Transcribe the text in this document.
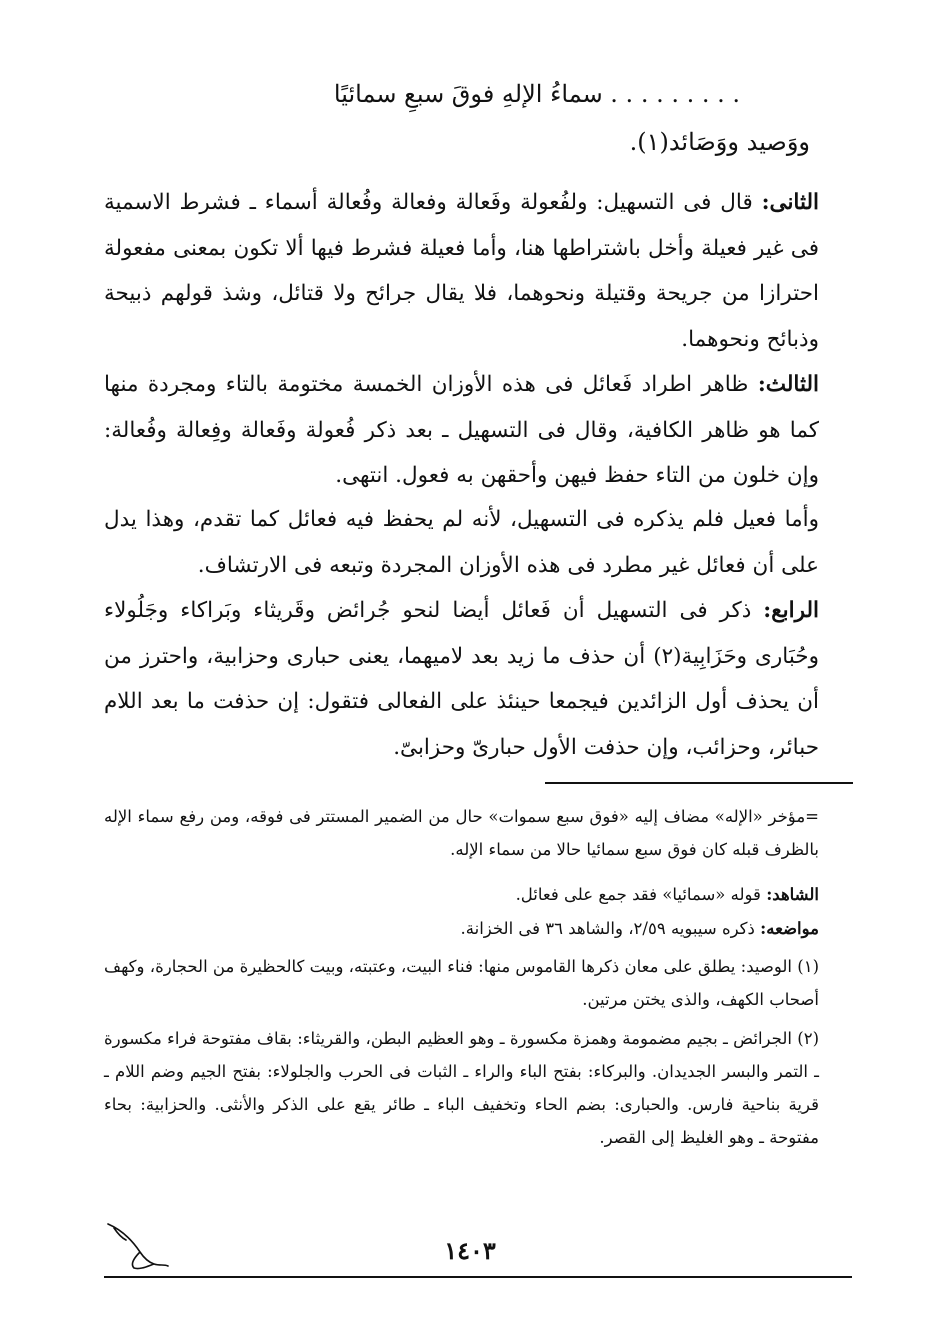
. . . . . . . . . سماءُ الإلهِ فوقَ سبعِ سمائيًا
ووَصيد ووَصَائد(١).
الثانى: قال فى التسهيل: ولفُعولة وفَعالة وفعالة وفُعالة أسماء ـ فشرط الاسمية فى غير فعيلة وأخل باشتراطها هنا، وأما فعيلة فشرط فيها ألا تكون بمعنى مفعولة احترازا من جريحة وقتيلة ونحوهما، فلا يقال جرائح ولا قتائل، وشذ قولهم ذبيحة وذبائح ونحوهما.
الثالث: ظاهر اطراد فَعائل فى هذه الأوزان الخمسة مختومة بالتاء ومجردة منها كما هو ظاهر الكافية، وقال فى التسهيل ـ بعد ذكر فُعولة وفَعالة وفِعالة وفُعالة: وإن خلون من التاء حفظ فيهن وأحقهن به فعول. انتهى.
وأما فعيل فلم يذكره فى التسهيل، لأنه لم يحفظ فيه فعائل كما تقدم، وهذا يدل على أن فعائل غير مطرد فى هذه الأوزان المجردة وتبعه فى الارتشاف.
الرابع: ذكر فى التسهيل أن فَعائل أيضا لنحو جُرائض وقَريثاء وبَراكاء وجَلُولاء وحُبَارى وحَزَابِية(٢) أن حذف ما زيد بعد لاميهما، يعنى حبارى وحزابية، واحترز من أن يحذف أول الزائدين فيجمعا حينئذ على الفعالى فتقول: إن حذفت ما بعد اللام حبائر، وحزائب، وإن حذفت الأول حبارىّ وحزابىّ.
=مؤخر «الإله» مضاف إليه «فوق سبع سموات» حال من الضمير المستتر فى فوقه، ومن رفع سماء الإله بالظرف قبله كان فوق سبع سمائيا حالا من سماء الإله.
الشاهد: قوله «سمائيا» فقد جمع على فعائل.
مواضعه: ذكره سيبويه ٢/٥٩، والشاهد ٣٦ فى الخزانة.
(١) الوصيد: يطلق على معان ذكرها القاموس منها: فناء البيت، وعتبته، وبيت كالحظيرة من الحجارة، وكهف أصحاب الكهف، والذى يختن مرتين.
(٢) الجرائض ـ بجيم مضمومة وهمزة مكسورة ـ وهو العظيم البطن، والقريثاء: بقاف مفتوحة فراء مكسورة ـ التمر والبسر الجديدان. والبركاء: بفتح الباء والراء ـ الثبات فى الحرب والجلولاء: بفتح الجيم وضم اللام ـ قرية بناحية فارس. والحبارى: بضم الحاء وتخفيف الباء ـ طائر يقع على الذكر والأنثى. والحزابية: بحاء مفتوحة ـ وهو الغليظ إلى القصر.
١٤٠٣
